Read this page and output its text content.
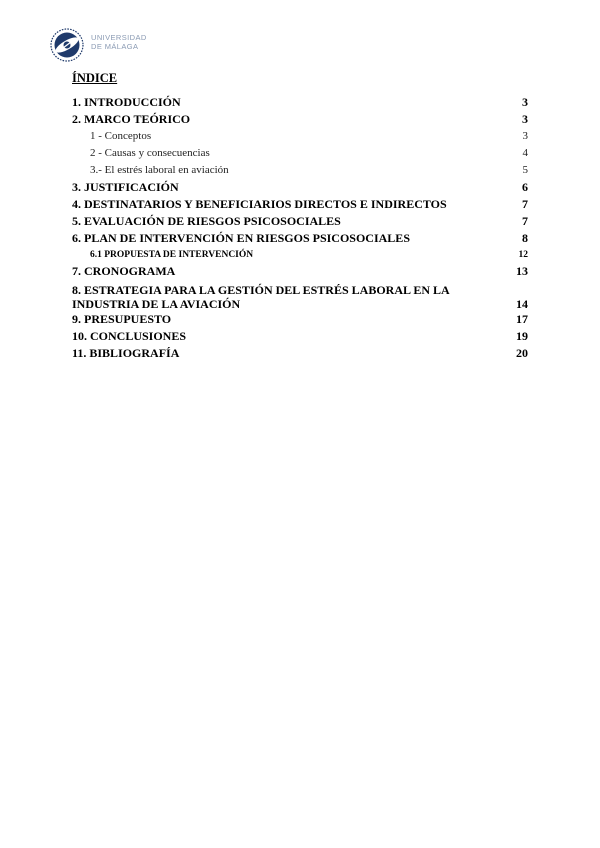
UNIVERSIDAD
DE MÁLAGA
ÍNDICE
1. INTRODUCCIÓN	3
2. MARCO TEÓRICO	3
1 - Conceptos	3
2 - Causas y consecuencias	4
3.- El estrés laboral en aviación	5
3. JUSTIFICACIÓN	6
4. DESTINATARIOS Y BENEFICIARIOS DIRECTOS E INDIRECTOS	7
5. EVALUACIÓN DE RIESGOS PSICOSOCIALES	7
6. PLAN DE INTERVENCIÓN EN RIESGOS PSICOSOCIALES	8
6.1 PROPUESTA DE INTERVENCIÓN	12
7. CRONOGRAMA	13
8. ESTRATEGIA PARA LA GESTIÓN DEL ESTRÉS LABORAL EN LA INDUSTRIA DE LA AVIACIÓN	14
9. PRESUPUESTO	17
10. CONCLUSIONES	19
11. BIBLIOGRAFÍA	20
